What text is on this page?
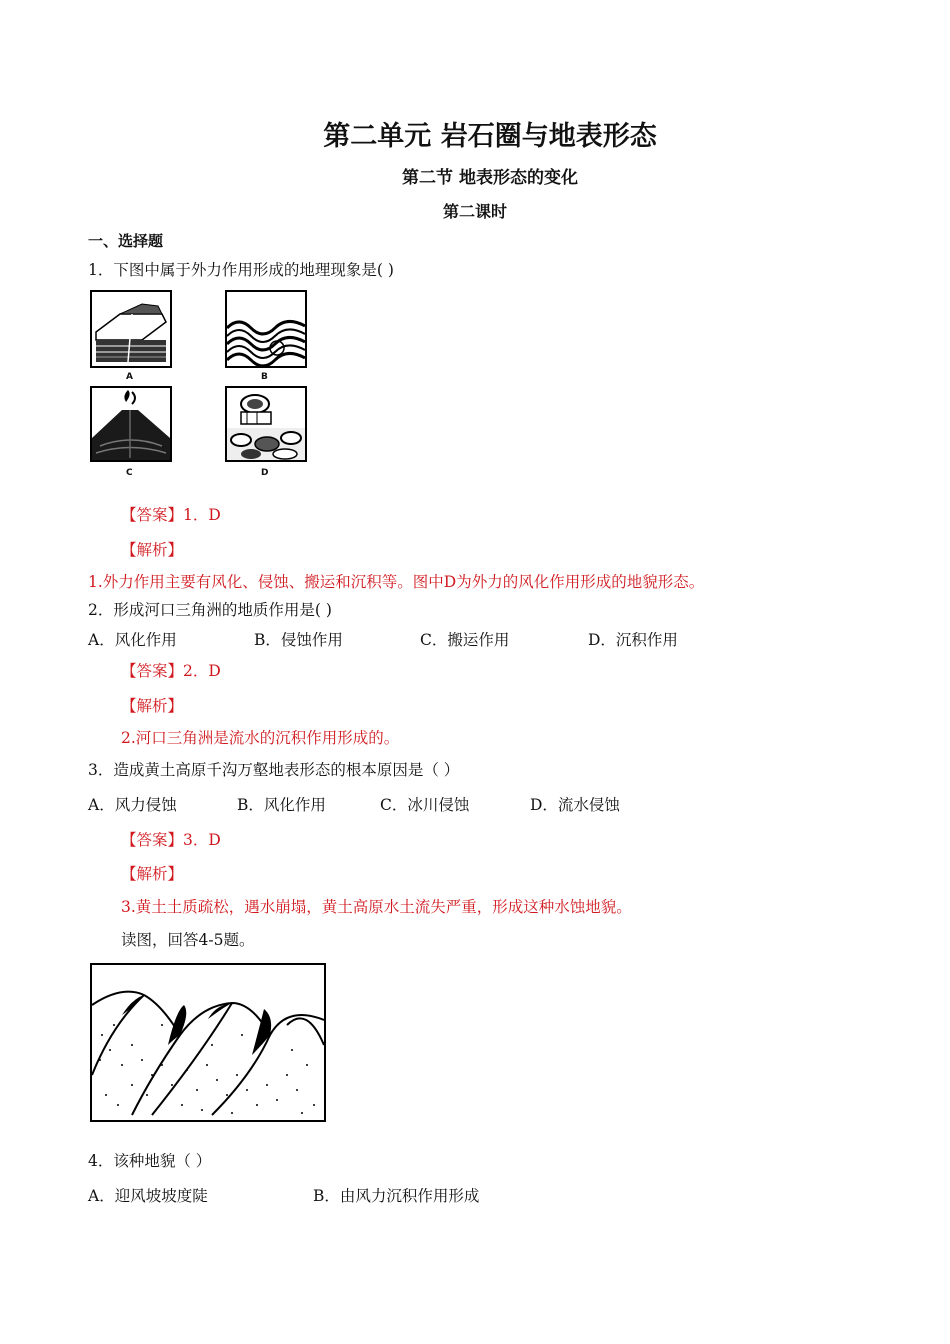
第二单元 岩石圈与地表形态
第二节 地表形态的变化
第二课时
一、选择题
1．下图中属于外力作用形成的地理现象是( )
A	B
C	D
【答案】1．D
【解析】
1.外力作用主要有风化、侵蚀、搬运和沉积等。图中D为外力的风化作用形成的地貌形态。
2．形成河口三角洲的地质作用是( )
A．风化作用	B．侵蚀作用	C．搬运作用	D．沉积作用
【答案】2．D
【解析】
2.河口三角洲是流水的沉积作用形成的。
3．造成黄土高原千沟万壑地表形态的根本原因是（ ）
A．风力侵蚀	B．风化作用	C．冰川侵蚀	D．流水侵蚀
【答案】3．D
【解析】
3.黄土土质疏松，遇水崩塌，黄土高原水土流失严重，形成这种水蚀地貌。
读图，回答4-5题。
4．该种地貌（ ）
A．迎风坡坡度陡	B．由风力沉积作用形成
